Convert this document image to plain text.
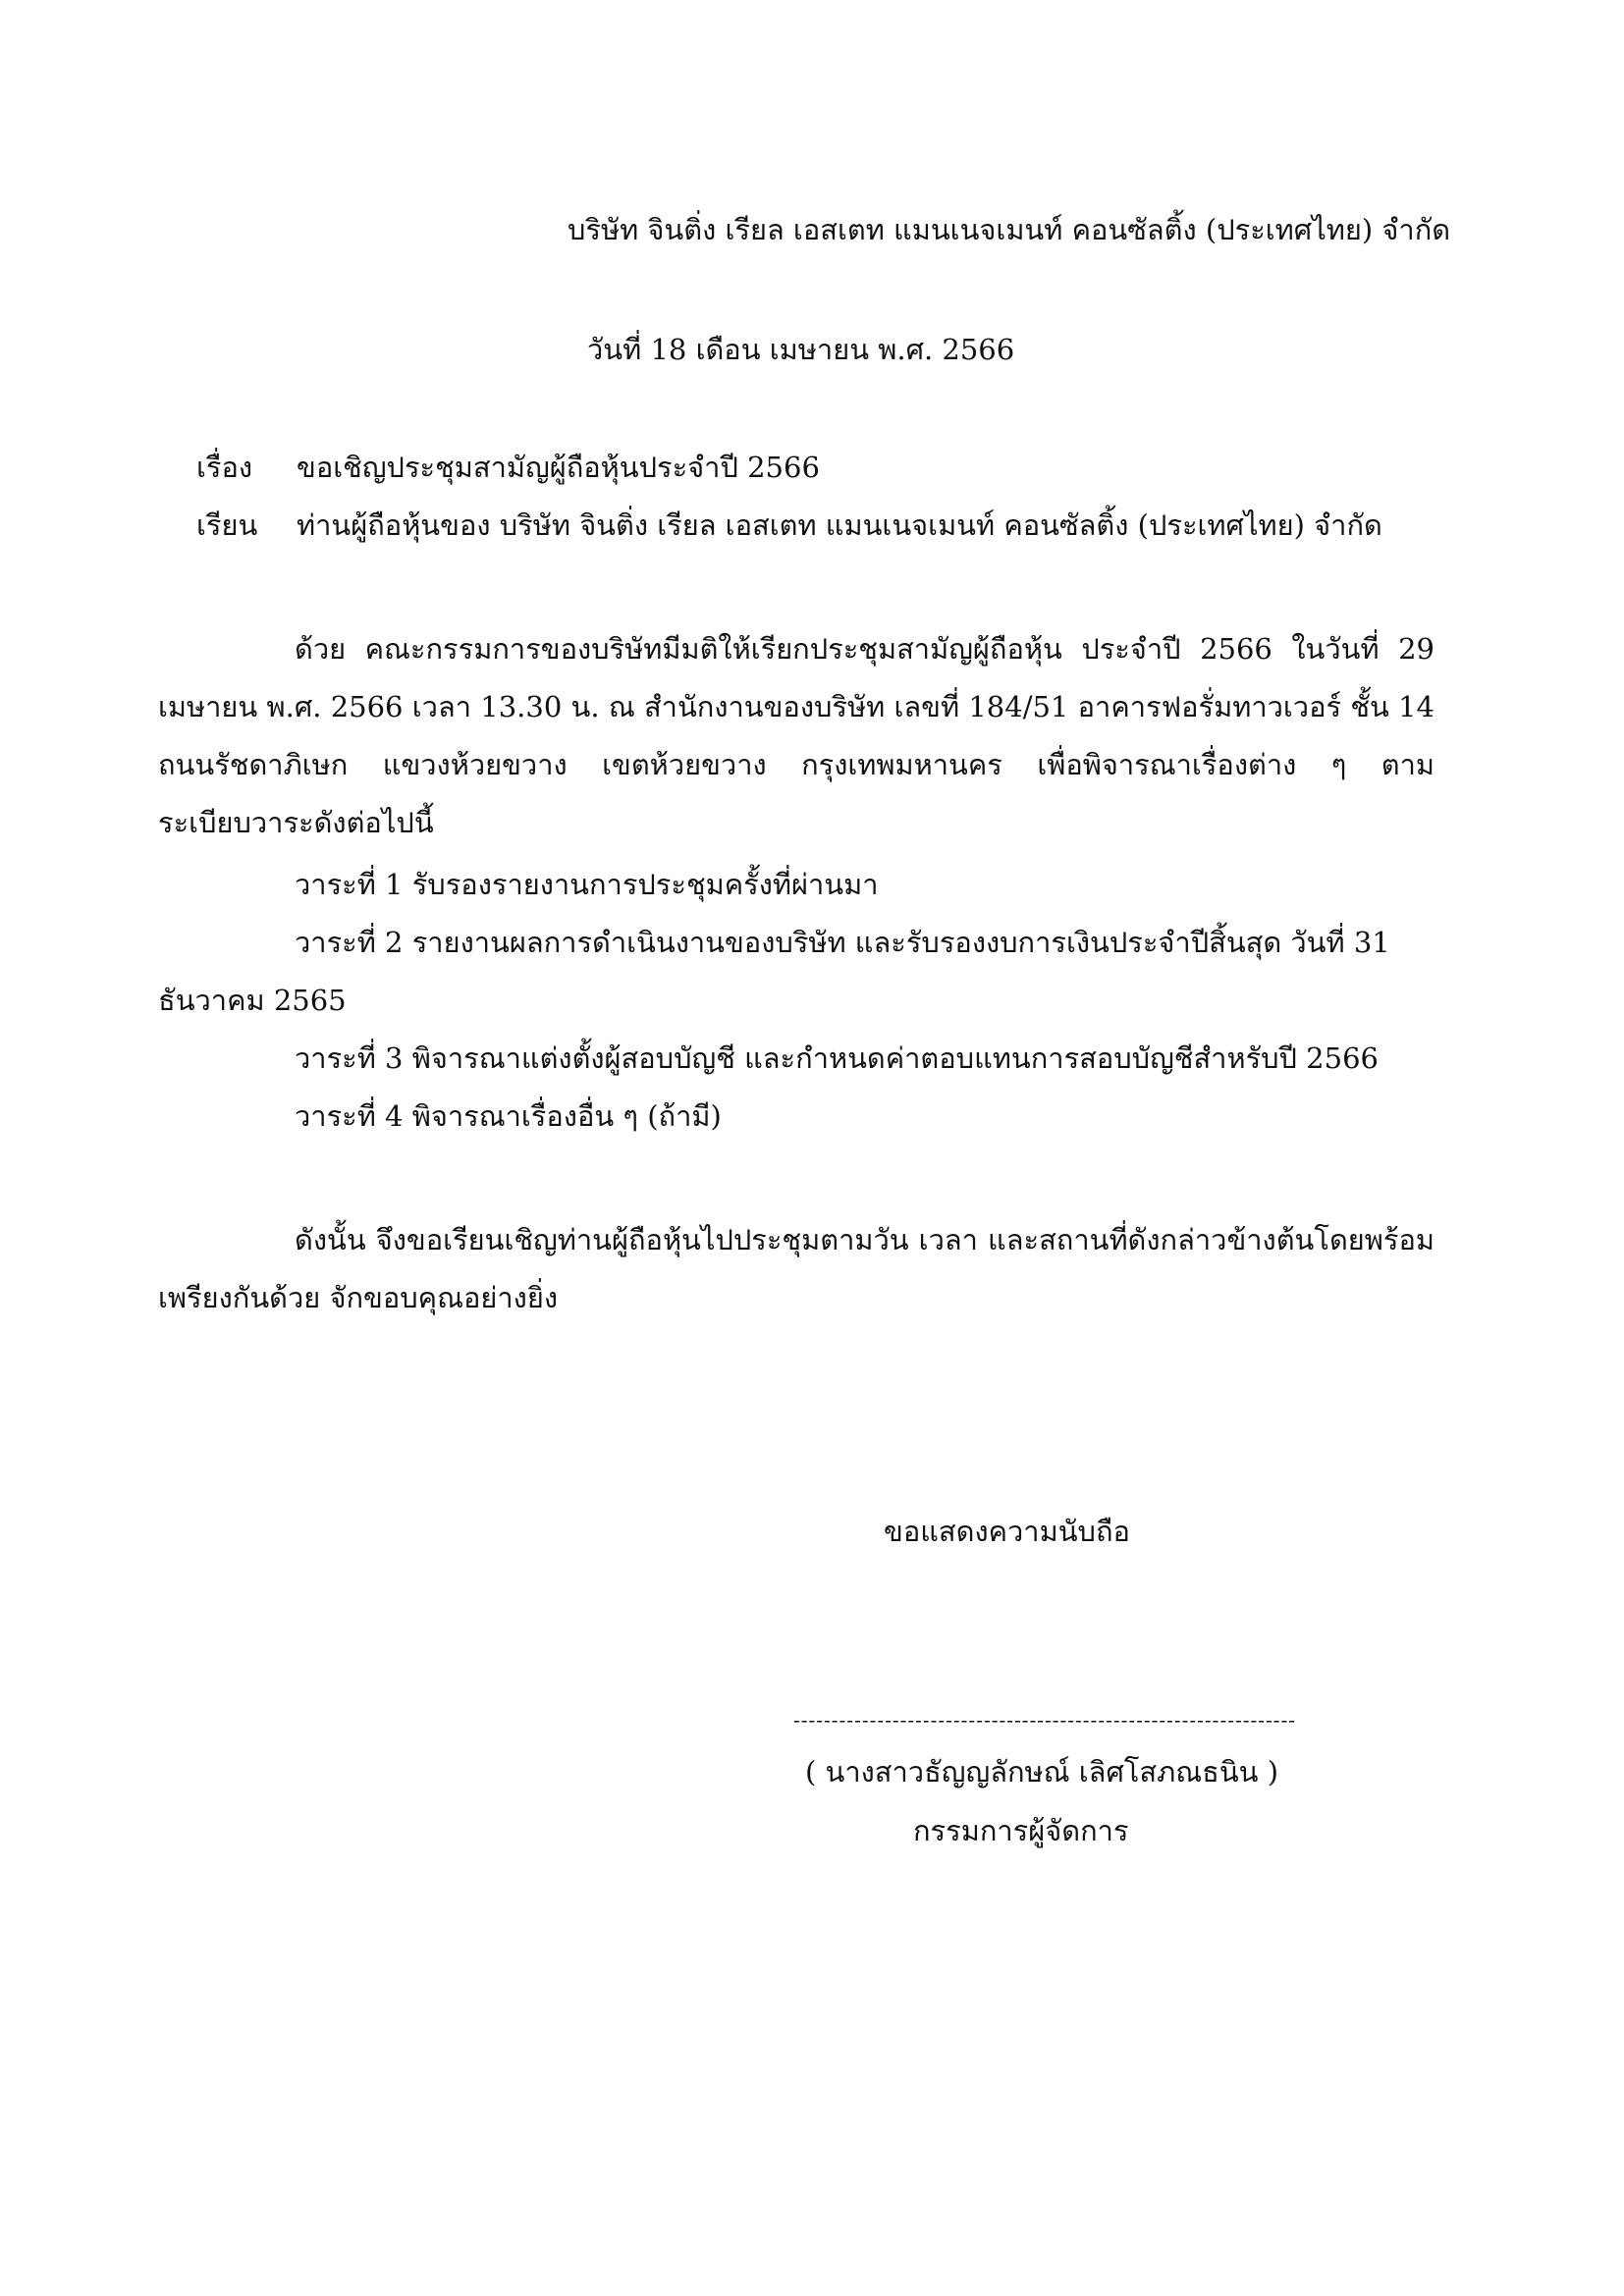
บริษัท จินติ่ง เรียล เอสเตท แมนเนจเมนท์ คอนซัลติ้ง (ประเทศไทย) จำกัด
วันที่ 18 เดือน เมษายน พ.ศ. 2566
เรื่อง ขอเชิญประชุมสามัญผู้ถือหุ้นประจำปี 2566
เรียน ท่านผู้ถือหุ้นของ บริษัท จินติ่ง เรียล เอสเตท แมนเนจเมนท์ คอนซัลติ้ง (ประเทศไทย) จำกัด
ด้วย คณะกรรมการของบริษัทมีมติให้เรียกประชุมสามัญผู้ถือหุ้น ประจำปี 2566 ในวันที่ 29 เมษายน พ.ศ. 2566 เวลา 13.30 น. ณ สำนักงานของบริษัท เลขที่ 184/51 อาคารฟอรั่มทาวเวอร์ ชั้น 14 ถนนรัชดาภิเษก แขวงห้วยขวาง เขตห้วยขวาง กรุงเทพมหานคร เพื่อพิจารณาเรื่องต่าง ๆ ตามระเบียบวาระดังต่อไปนี้
วาระที่ 1 รับรองรายงานการประชุมครั้งที่ผ่านมา
วาระที่ 2 รายงานผลการดำเนินงานของบริษัท และรับรองงบการเงินประจำปีสิ้นสุด วันที่ 31
ธันวาคม 2565
วาระที่ 3 พิจารณาแต่งตั้งผู้สอบบัญชี และกำหนดค่าตอบแทนการสอบบัญชีสำหรับปี 2566
วาระที่ 4 พิจารณาเรื่องอื่น ๆ (ถ้ามี)
ดังนั้น จึงขอเรียนเชิญท่านผู้ถือหุ้นไปประชุมตามวัน เวลา และสถานที่ดังกล่าวข้างต้นโดยพร้อมเพรียงกันด้วย จักขอบคุณอย่างยิ่ง
ขอแสดงความนับถือ
------------------------------------------------------------------
( นางสาวธัญญลักษณ์ เลิศโสภณธนิน )
กรรมการผู้จัดการ
